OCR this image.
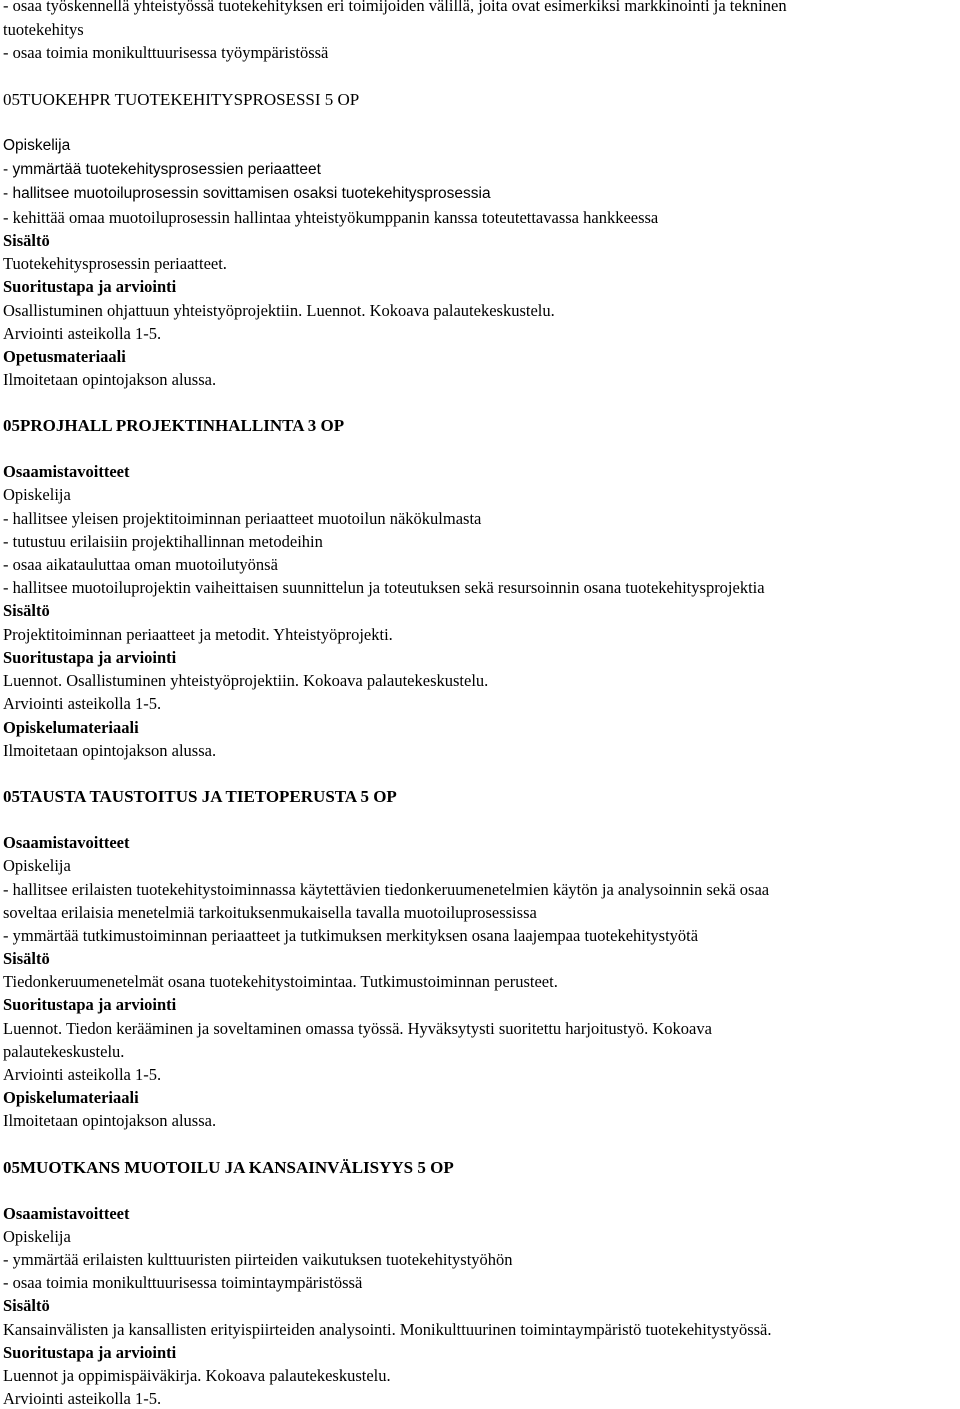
- osaa työskennellä yhteistyössä tuotekehityksen eri toimijoiden välillä, joita ovat esimerkiksi markkinointi ja tekninen
tuotekehitys
- osaa toimia monikulttuurisessa työympäristössä
05TUOKEHPR TUOTEKEHITYSPROSESSI 5 OP
Opiskelija
- ymmärtää tuotekehitysprosessien periaatteet
- hallitsee muotoiluprosessin sovittamisen osaksi tuotekehitysprosessia
- kehittää omaa muotoiluprosessin hallintaa yhteistyökumppanin kanssa toteutettavassa hankkeessa
Sisältö
Tuotekehitysprosessin periaatteet.
Suoritustapa ja arviointi
Osallistuminen ohjattuun yhteistyöprojektiin. Luennot. Kokoava palautekeskustelu.
Arviointi asteikolla 1-5.
Opetusmateriaali
Ilmoitetaan opintojakson alussa.
05PROJHALL PROJEKTINHALLINTA 3 OP
Osaamistavoitteet
Opiskelija
- hallitsee yleisen projektitoiminnan periaatteet muotoilun näkökulmasta
- tutustuu erilaisiin projektihallinnan metodeihin
- osaa aikatauluttaa oman muotoilutyönsä
- hallitsee muotoiluprojektin vaiheittaisen suunnittelun ja toteutuksen sekä resursoinnin osana tuotekehitysprojektia
Sisältö
Projektitoiminnan periaatteet ja metodit. Yhteistyöprojekti.
Suoritustapa ja arviointi
Luennot. Osallistuminen yhteistyöprojektiin. Kokoava palautekeskustelu.
Arviointi asteikolla 1-5.
Opiskelumateriaali
Ilmoitetaan opintojakson alussa.
05TAUSTA TAUSTOITUS JA TIETOPERUSTA 5 OP
Osaamistavoitteet
Opiskelija
- hallitsee erilaisten tuotekehitystoiminnassa käytettävien tiedonkeruumenetelmien käytön ja analysoinnin sekä osaa
soveltaa erilaisia menetelmiä tarkoituksenmukaisella tavalla muotoiluprosessissa
- ymmärtää tutkimustoiminnan periaatteet ja tutkimuksen merkityksen osana laajempaa tuotekehitystyötä
Sisältö
Tiedonkeruumenetelmät osana tuotekehitystoimintaa. Tutkimustoiminnan perusteet.
Suoritustapa ja arviointi
Luennot. Tiedon kerääminen ja soveltaminen omassa työssä. Hyväksytysti suoritettu harjoitustyö. Kokoava
palautekeskustelu.
Arviointi asteikolla 1-5.
Opiskelumateriaali
Ilmoitetaan opintojakson alussa.
05MUOTKANS MUOTOILU JA KANSAINVÄLISYYS 5 OP
Osaamistavoitteet
Opiskelija
- ymmärtää erilaisten kulttuuristen piirteiden vaikutuksen tuotekehitystyöhön
- osaa toimia monikulttuurisessa toimintaympäristössä
Sisältö
Kansainvälisten ja kansallisten erityispiirteiden analysointi. Monikulttuurinen toimintaympäristö tuotekehitystyössä.
Suoritustapa ja arviointi
Luennot ja oppimispäiväkirja. Kokoava palautekeskustelu.
Arviointi asteikolla 1-5.
